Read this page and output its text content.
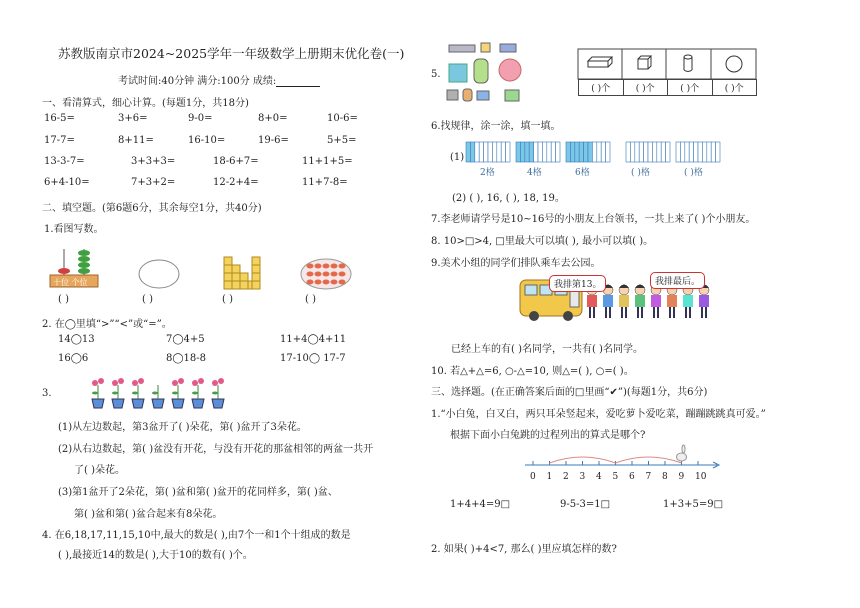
苏教版南京市2024~2025学年一年级数学上册期末优化卷(一)
考试时间:40分钟 满分:100分 成绩:
一、看清算式，细心计算。(每题1分，共18分)
16-5=	3+6=	9-0=	8+0=	10-6=
17-7=	8+11=	16-10=	19-6=	5+5=
13-3-7=	3+3+3=	18-6+7=	11+1+5=
6+4-10=	7+3+2=	12-2+4=	11+7-8=
二、填空题。(第6题6分，其余每空1分，共40分)
1.看图写数。
十位 个位
( )	( )	( )	( )
2. 在◯里填“>”“<”或“=”。
14◯13	7◯4+5	11+4◯4+11
16◯6	8◯18-8	17-10◯ 17-7
3.
(1)从左边数起，第3盆开了( )朵花，第( )盆开了3朵花。
(2)从右边数起，第( )盆没有开花，与没有开花的那盆相邻的两盆一共开
了( )朵花。
(3)第1盆开了2朵花，第( )盆和第( )盆开的花同样多，第( )盆、
第( )盆和第( )盆合起来有8朵花。
4. 在6,18,17,11,15,10中,最大的数是( ),由7个一和1个十组成的数是
( ),最接近14的数是( ),大于10的数有( )个。
5.
( )个	( )个	( )个	( )个
6.找规律，涂一涂，填一填。
(1)
2格	4格	6格	( )格	( )格
(2) ( ), 16, ( ), 18, 19。
7.李老师请学号是10~16号的小朋友上台领书，一共上来了( )个小朋友。
8. 10>□>4, □里最大可以填( ), 最小可以填( )。
9.美术小组的同学们排队乘车去公园。
我排第13。	我排最后。
已经上车的有( )名同学，一共有( )名同学。
10. 若△+△=6, ○-△=10, 则△=( ), ○=( )。
三、选择题。(在正确答案后面的□里画“✔”)(每题1分，共6分)
1.“小白兔，白又白，两只耳朵竖起来，爱吃萝卜爱吃菜，蹦蹦跳跳真可爱。”
根据下面小白兔跳的过程列出的算式是哪个?
0 1 2 3 4 5 6 7 8 9 10
1+4+4=9□	9-5-3=1□	1+3+5=9□
2. 如果( )+4<7, 那么( )里应填怎样的数?
